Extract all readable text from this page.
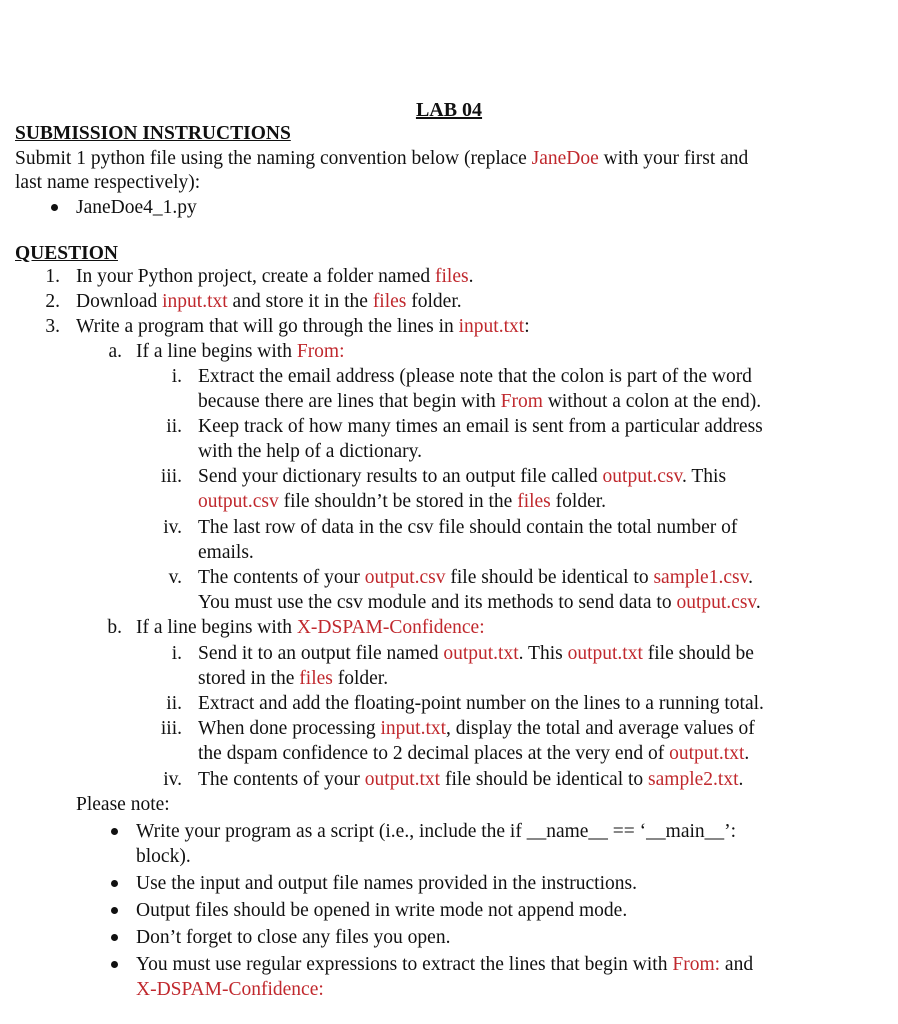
LAB 04
SUBMISSION INSTRUCTIONS
Submit 1 python file using the naming convention below (replace JaneDoe with your first and
last name respectively):
JaneDoe4_1.py
QUESTION
1. In your Python project, create a folder named files.
2. Download input.txt and store it in the files folder.
3. Write a program that will go through the lines in input.txt:
a. If a line begins with From:
i. Extract the email address (please note that the colon is part of the word
because there are lines that begin with From without a colon at the end).
ii. Keep track of how many times an email is sent from a particular address
with the help of a dictionary.
iii. Send your dictionary results to an output file called output.csv. This
output.csv file shouldn’t be stored in the files folder.
iv. The last row of data in the csv file should contain the total number of
emails.
v. The contents of your output.csv file should be identical to sample1.csv.
You must use the csv module and its methods to send data to output.csv.
b. If a line begins with X-DSPAM-Confidence:
i. Send it to an output file named output.txt. This output.txt file should be
stored in the files folder.
ii. Extract and add the floating-point number on the lines to a running total.
iii. When done processing input.txt, display the total and average values of
the dspam confidence to 2 decimal places at the very end of output.txt.
iv. The contents of your output.txt file should be identical to sample2.txt.
Please note:
Write your program as a script (i.e., include the if __name__ == ‘__main__’:
block).
Use the input and output file names provided in the instructions.
Output files should be opened in write mode not append mode.
Don’t forget to close any files you open.
You must use regular expressions to extract the lines that begin with From: and
X-DSPAM-Confidence:
